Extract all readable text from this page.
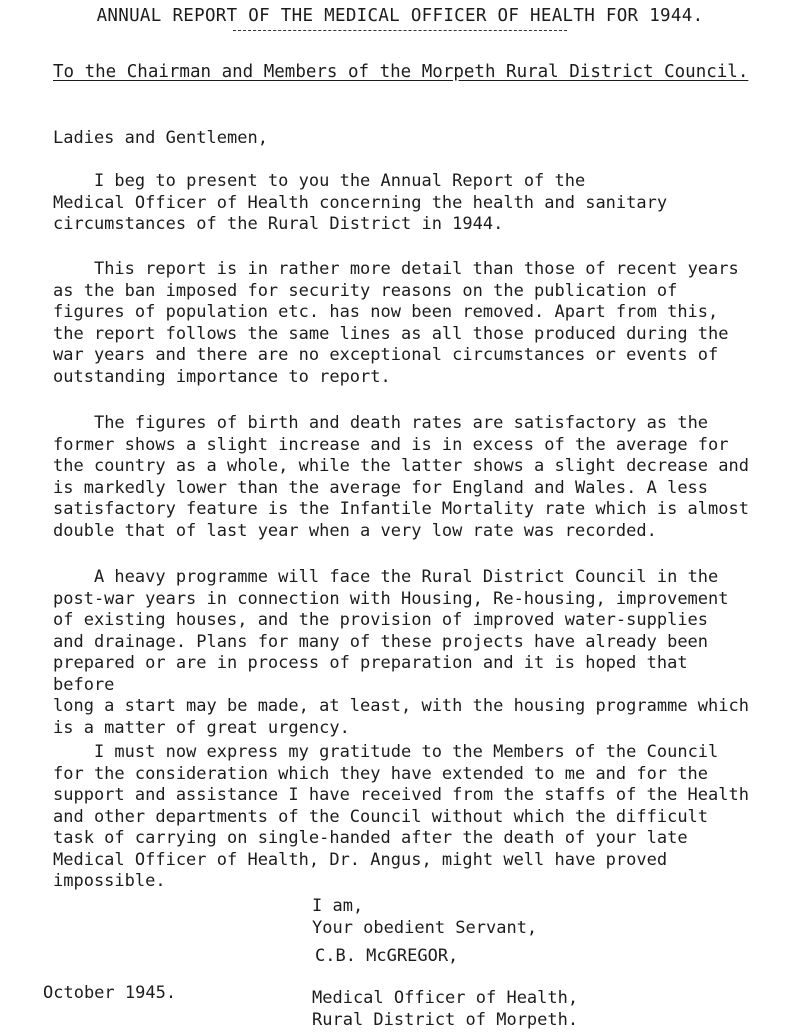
ANNUAL REPORT OF THE MEDICAL OFFICER OF HEALTH FOR 1944.
To the Chairman and Members of the Morpeth Rural District Council.
Ladies and Gentlemen,

I beg to present to you the Annual Report of the
Medical Officer of Health concerning the health and sanitary
circumstances of the Rural District in 1944.

This report is in rather more detail than those of recent years
as the ban imposed for security reasons on the publication of
figures of population etc. has now been removed. Apart from this,
the report follows the same lines as all those produced during the
war years and there are no exceptional circumstances or events of
outstanding importance to report.

The figures of birth and death rates are satisfactory as the
former shows a slight increase and is in excess of the average for
the country as a whole, while the latter shows a slight decrease and
is markedly lower than the average for England and Wales. A less
satisfactory feature is the Infantile Mortality rate which is almost
double that of last year when a very low rate was recorded.

A heavy programme will face the Rural District Council in the
post-war years in connection with Housing, Re-housing, improvement
of existing houses, and the provision of improved water-supplies
and drainage. Plans for many of these projects have already been
prepared or are in process of preparation and it is hoped that before
long a start may be made, at least, with the housing programme which
is a matter of great urgency.

I must now express my gratitude to the Members of the Council
for the consideration which they have extended to me and for the
support and assistance I have received from the staffs of the Health
and other departments of the Council without which the difficult
task of carrying on single-handed after the death of your late
Medical Officer of Health, Dr. Angus, might well have proved
impossible.

I am,
Your obedient Servant,
C.B. McGREGOR,
Medical Officer of Health,
Rural District of Morpeth.
October 1945.
